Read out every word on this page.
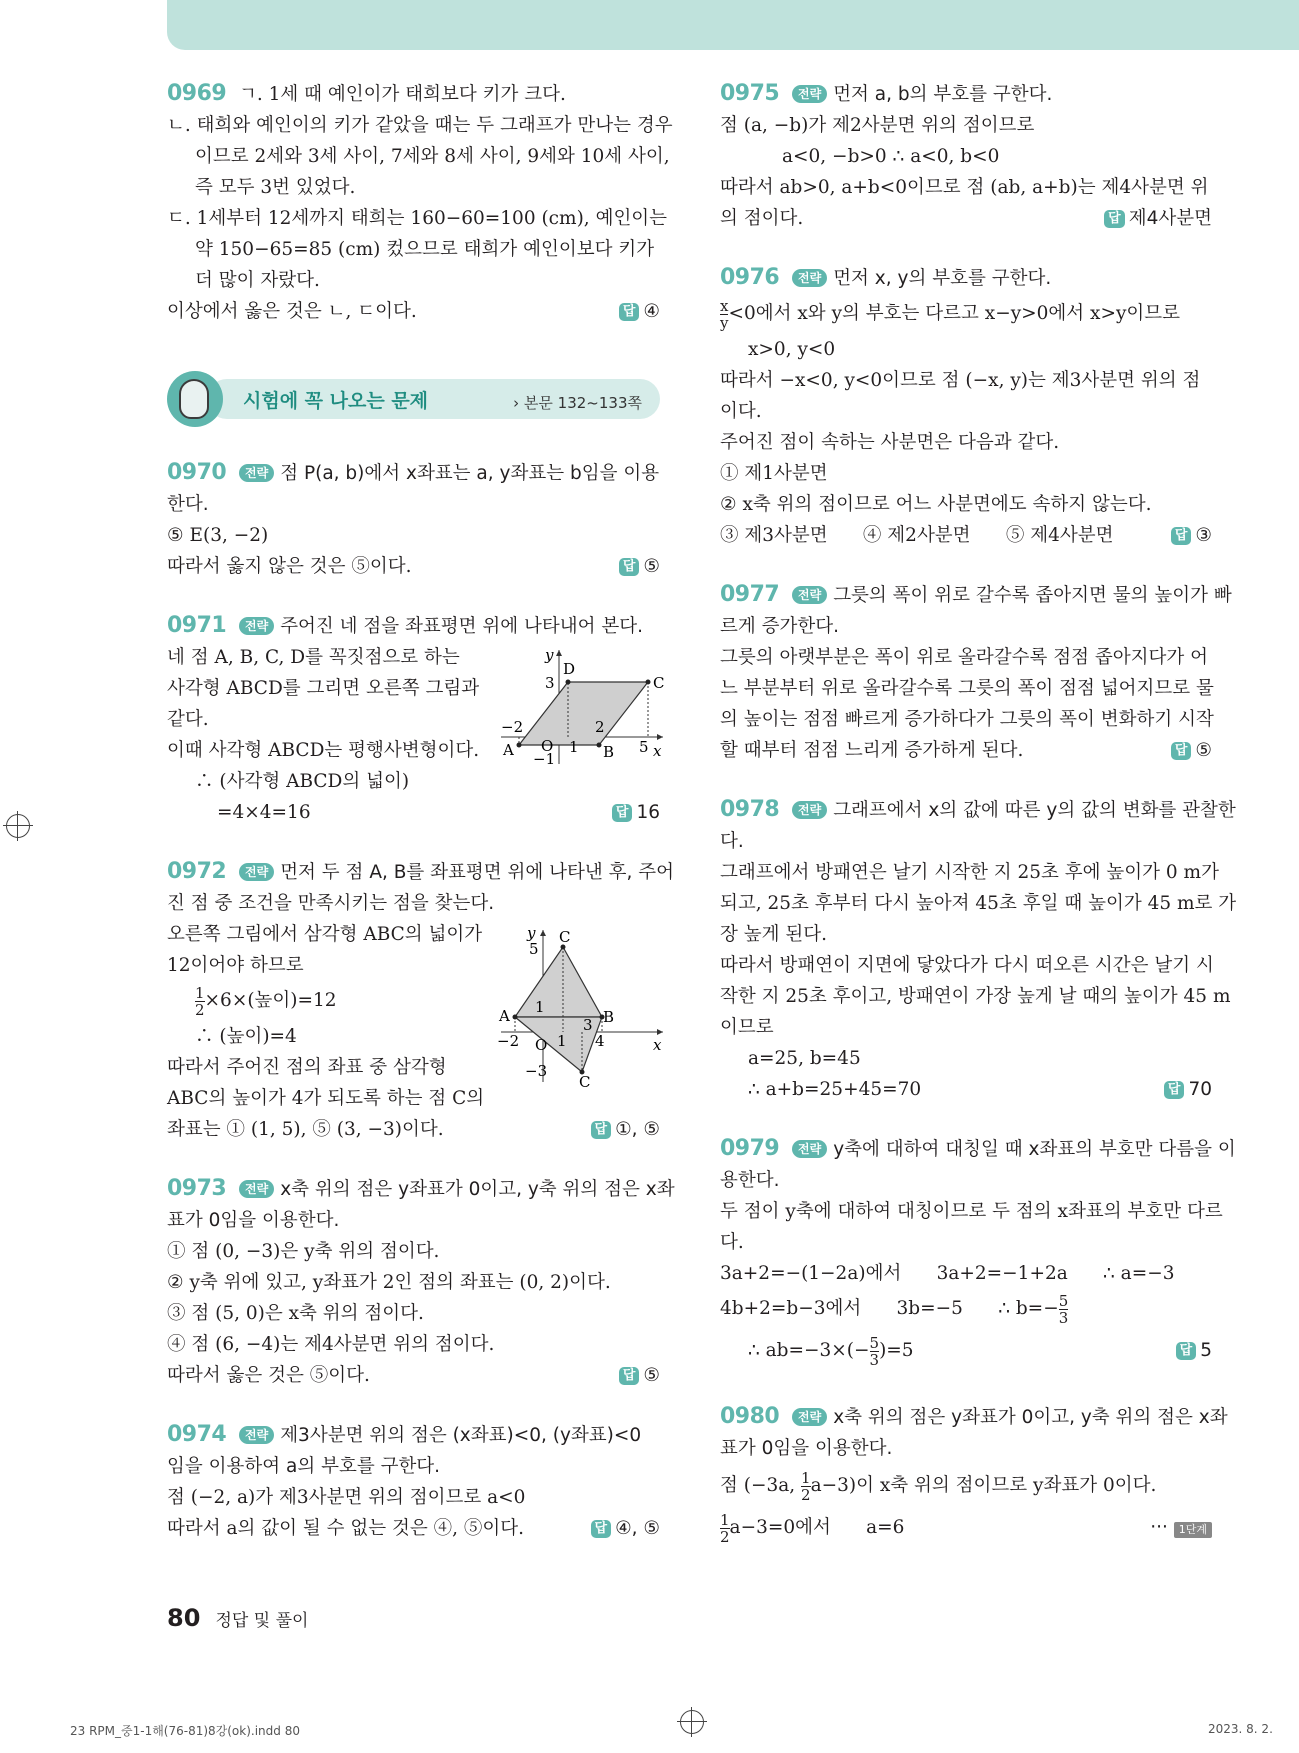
0969 ㄱ. 1세 때 예인이가 태희보다 키가 크다.
ㄴ. 태희와 예인이의 키가 같았을 때는 두 그래프가 만나는 경우
이므로 2세와 3세 사이, 7세와 8세 사이, 9세와 10세 사이,
즉 모두 3번 있었다.
ㄷ. 1세부터 12세까지 태희는 160−60=100 (cm), 예인이는
약 150−65=85 (cm) 컸으므로 태희가 예인이보다 키가
더 많이 자랐다.
이상에서 옳은 것은 ㄴ, ㄷ이다.	답 ④
시험에 꼭 나오는 문제	› 본문 132~133쪽
0970 전략 점 P(a, b)에서 x좌표는 a, y좌표는 b임을 이용
한다.
⑤ E(3, −2)
따라서 옳지 않은 것은 ⑤이다.	답 ⑤
0971 전략 주어진 네 점을 좌표평면 위에 나타내어 본다.
네 점 A, B, C, D를 꼭짓점으로 하는
사각형 ABCD를 그리면 오른쪽 그림과
같다.
이때 사각형 ABCD는 평행사변형이다.
∴ (사각형 ABCD의 넓이)
=4×4=16	답 16
y
x
D
C
A	B
O
3
−2	2
1	5
−1
0972 전략 먼저 두 점 A, B를 좌표평면 위에 나타낸 후, 주어
진 점 중 조건을 만족시키는 점을 찾는다.
오른쪽 그림에서 삼각형 ABC의 넓이가
12이어야 하므로
$\frac{1}{2} \times 6\times$(높이)=12
∴ (높이)=4
따라서 주어진 점의 좌표 중 삼각형
ABC의 높이가 4가 되도록 하는 점 C의
좌표는 ① (1, 5), ⑤ (3, −3)이다.	답 ①, ⑤
y
x
C
A	B
C
O
5
1
−2	1
3
4
−3
0973 전략 x축 위의 점은 y좌표가 0이고, y축 위의 점은 x좌
표가 0임을 이용한다.
① 점 (0, −3)은 y축 위의 점이다.
② y축 위에 있고, y좌표가 2인 점의 좌표는 (0, 2)이다.
③ 점 (5, 0)은 x축 위의 점이다.
④ 점 (6, −4)는 제4사분면 위의 점이다.
따라서 옳은 것은 ⑤이다.	답 ⑤
0974 전략 제3사분면 위의 점은 (x좌표)<0, (y좌표)<0
임을 이용하여 a의 부호를 구한다.
점 (−2, a)가 제3사분면 위의 점이므로 a<0
따라서 a의 값이 될 수 없는 것은 ④, ⑤이다.	답 ④, ⑤
0975 전략 먼저 a, b의 부호를 구한다.
점 (a, −b)가 제2사분면 위의 점이므로
a<0, −b>0 ∴ a<0, b<0
따라서 ab>0, a+b<0이므로 점 (ab, a+b)는 제4사분면 위
의 점이다.	답 제4사분면
0976 전략 먼저 x, y의 부호를 구한다.
$\frac{x}{y} <0$에서 x와 y의 부호는 다르고 x−y>0에서 x>y이므로
x>0, y<0
따라서 −x<0, y<0이므로 점 (−x, y)는 제3사분면 위의 점
이다.
주어진 점이 속하는 사분면은 다음과 같다.
① 제1사분면
② x축 위의 점이므로 어느 사분면에도 속하지 않는다.
③ 제3사분면      ④ 제2사분면      ⑤ 제4사분면	답 ③
0977 전략 그릇의 폭이 위로 갈수록 좁아지면 물의 높이가 빠
르게 증가한다.
그릇의 아랫부분은 폭이 위로 올라갈수록 점점 좁아지다가 어
느 부분부터 위로 올라갈수록 그릇의 폭이 점점 넓어지므로 물
의 높이는 점점 빠르게 증가하다가 그릇의 폭이 변화하기 시작
할 때부터 점점 느리게 증가하게 된다.	답 ⑤
0978 전략 그래프에서 x의 값에 따른 y의 값의 변화를 관찰한
다.
그래프에서 방패연은 날기 시작한 지 25초 후에 높이가 0 m가
되고, 25초 후부터 다시 높아져 45초 후일 때 높이가 45 m로 가
장 높게 된다.
따라서 방패연이 지면에 닿았다가 다시 떠오른 시간은 날기 시
작한 지 25초 후이고, 방패연이 가장 높게 날 때의 높이가 45 m
이므로
a=25, b=45
∴ a+b=25+45=70	답 70
0979 전략 y축에 대하여 대칭일 때 x좌표의 부호만 다름을 이
용한다.
두 점이 y축에 대하여 대칭이므로 두 점의 x좌표의 부호만 다르
다.
3a+2=−(1−2a)에서      3a+2=−1+2a      ∴ a=−3
4b+2=b−3에서      3b=−5      ∴ $b=- \frac{5}{3}$
∴ $ab=-3\times(- \frac{5}{3} )=5$	답 5
0980 전략 x축 위의 점은 y좌표가 0이고, y축 위의 점은 x좌
표가 0임을 이용한다.
점 (−3a, $\frac{1}{2} a-3$)이 x축 위의 점이므로 y좌표가 0이다.
$\frac{1}{2} a-3=0$에서      a=6	··· 1단계
80 정답 및 풀이
23 RPM_중1-1해(76-81)8강(ok).indd 80	2023. 8. 2.
